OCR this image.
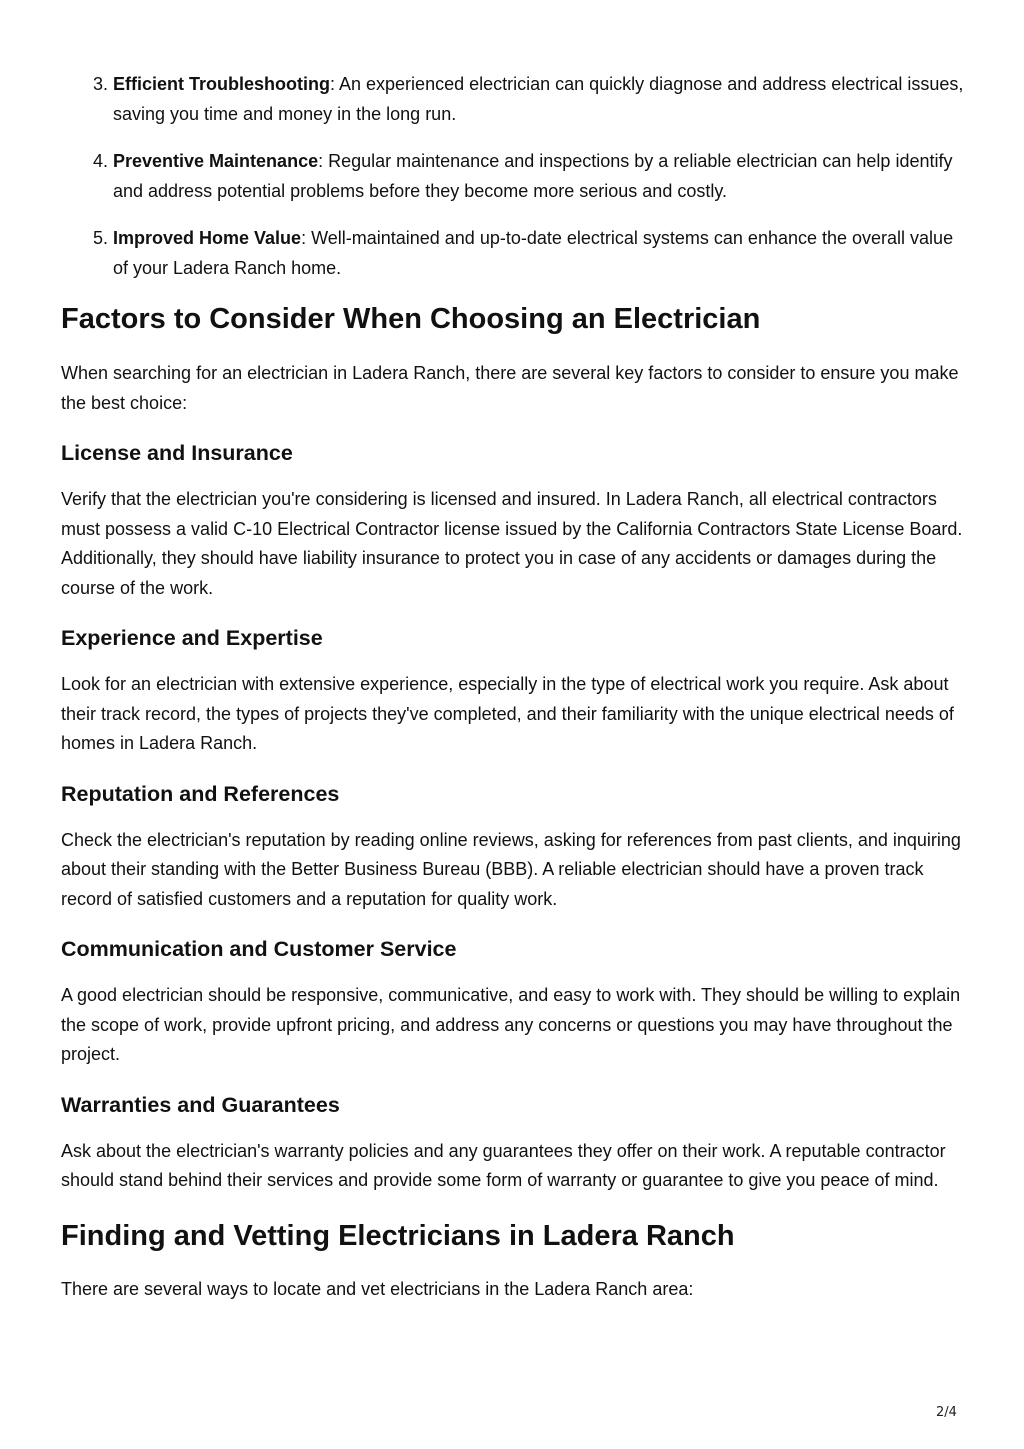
3. Efficient Troubleshooting: An experienced electrician can quickly diagnose and address electrical issues, saving you time and money in the long run.
4. Preventive Maintenance: Regular maintenance and inspections by a reliable electrician can help identify and address potential problems before they become more serious and costly.
5. Improved Home Value: Well-maintained and up-to-date electrical systems can enhance the overall value of your Ladera Ranch home.
Factors to Consider When Choosing an Electrician

When searching for an electrician in Ladera Ranch, there are several key factors to consider to ensure you make the best choice:

License and Insurance

Verify that the electrician you're considering is licensed and insured. In Ladera Ranch, all electrical contractors must possess a valid C-10 Electrical Contractor license issued by the California Contractors State License Board. Additionally, they should have liability insurance to protect you in case of any accidents or damages during the course of the work.

Experience and Expertise

Look for an electrician with extensive experience, especially in the type of electrical work you require. Ask about their track record, the types of projects they've completed, and their familiarity with the unique electrical needs of homes in Ladera Ranch.

Reputation and References

Check the electrician's reputation by reading online reviews, asking for references from past clients, and inquiring about their standing with the Better Business Bureau (BBB). A reliable electrician should have a proven track record of satisfied customers and a reputation for quality work.

Communication and Customer Service

A good electrician should be responsive, communicative, and easy to work with. They should be willing to explain the scope of work, provide upfront pricing, and address any concerns or questions you may have throughout the project.

Warranties and Guarantees

Ask about the electrician's warranty policies and any guarantees they offer on their work. A reputable contractor should stand behind their services and provide some form of warranty or guarantee to give you peace of mind.

Finding and Vetting Electricians in Ladera Ranch

There are several ways to locate and vet electricians in the Ladera Ranch area:

2/4
